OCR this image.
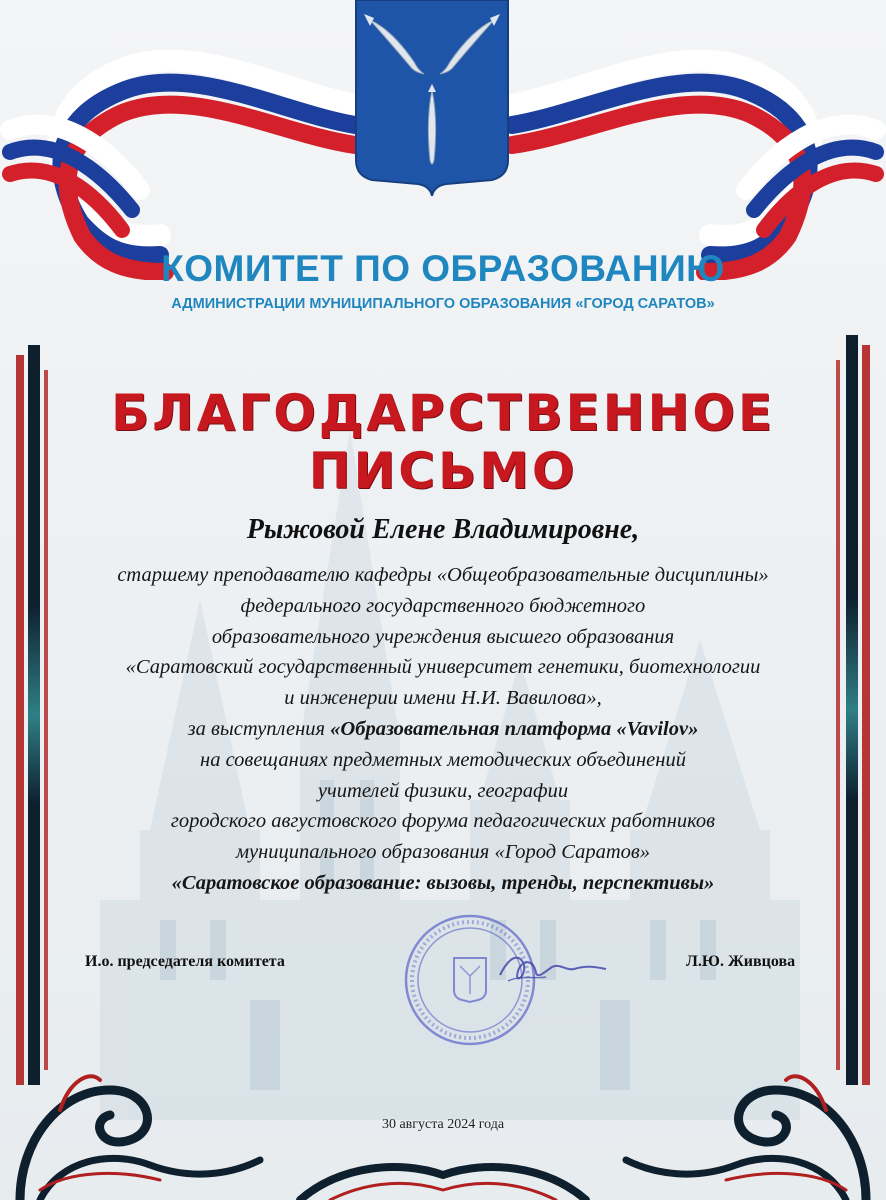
КОМИТЕТ ПО ОБРАЗОВАНИЮ
АДМИНИСТРАЦИИ МУНИЦИПАЛЬНОГО ОБРАЗОВАНИЯ «ГОРОД САРАТОВ»
БЛАГОДАРСТВЕННОЕ
ПИСЬМО
Рыжовой Елене Владимировне,
старшему преподавателю кафедры «Общеобразовательные дисциплины»
федерального государственного бюджетного
образовательного учреждения высшего образования
«Саратовский государственный университет генетики, биотехнологии
и инженерии имени Н.И. Вавилова»,
за выступления «Образовательная платформа «Vavilov»
на совещаниях предметных методических объединений
учителей физики, географии
городского августовского форума педагогических работников
муниципального образования «Город Саратов»
«Саратовское образование: вызовы, тренды, перспективы»
И.о. председателя комитета	Л.Ю. Живцова
30 августа 2024 года
